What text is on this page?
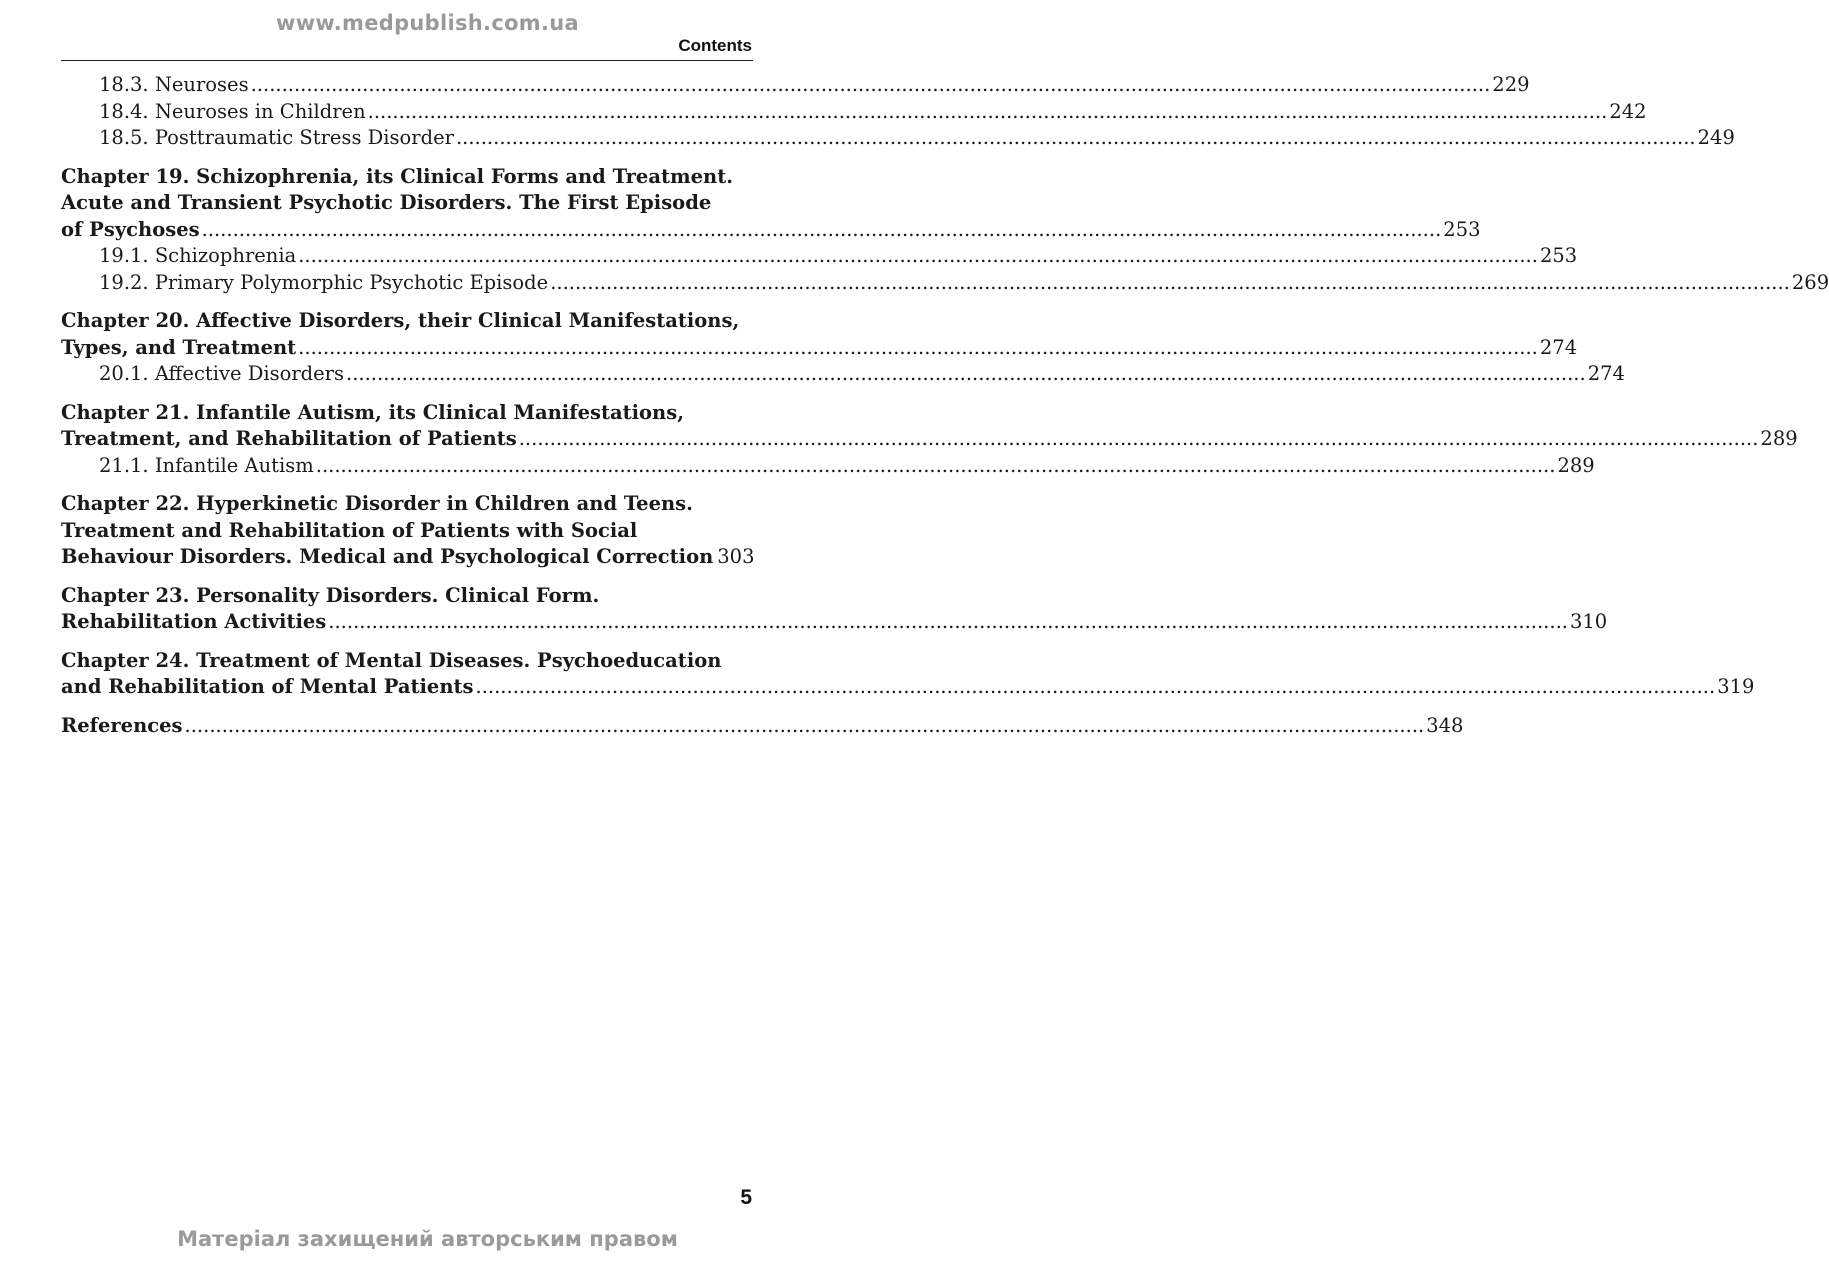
www.medpublish.com.ua
Contents
18.3. Neuroses ........................................................................................................................................................................................................ 229
18.4. Neuroses in Children ........................................................................................................................................................................................................ 242
18.5. Posttraumatic Stress Disorder ........................................................................................................................................................................................................ 249
Chapter 19. Schizophrenia, its Clinical Forms and Treatment.
Acute and Transient Psychotic Disorders. The First Episode
of Psychoses ........................................................................................................................................................................................................ 253
19.1. Schizophrenia ........................................................................................................................................................................................................ 253
19.2. Primary Polymorphic Psychotic Episode ........................................................................................................................................................................................................ 269
Chapter 20. Affective Disorders, their Clinical Manifestations,
Types, and Treatment ........................................................................................................................................................................................................ 274
20.1. Affective Disorders ........................................................................................................................................................................................................ 274
Chapter 21. Infantile Autism, its Clinical Manifestations,
Treatment, and Rehabilitation of Patients ........................................................................................................................................................................................................ 289
21.1. Infantile Autism ........................................................................................................................................................................................................ 289
Chapter 22. Hyperkinetic Disorder in Children and Teens.
Treatment and Rehabilitation of Patients with Social
Behaviour Disorders. Medical and Psychological Correction 303
Chapter 23. Personality Disorders. Clinical Form.
Rehabilitation Activities ........................................................................................................................................................................................................ 310
Chapter 24. Treatment of Mental Diseases. Psychoeducation
and Rehabilitation of Mental Patients ........................................................................................................................................................................................................ 319
References ........................................................................................................................................................................................................ 348
5
Матеріал захищений авторським правом
